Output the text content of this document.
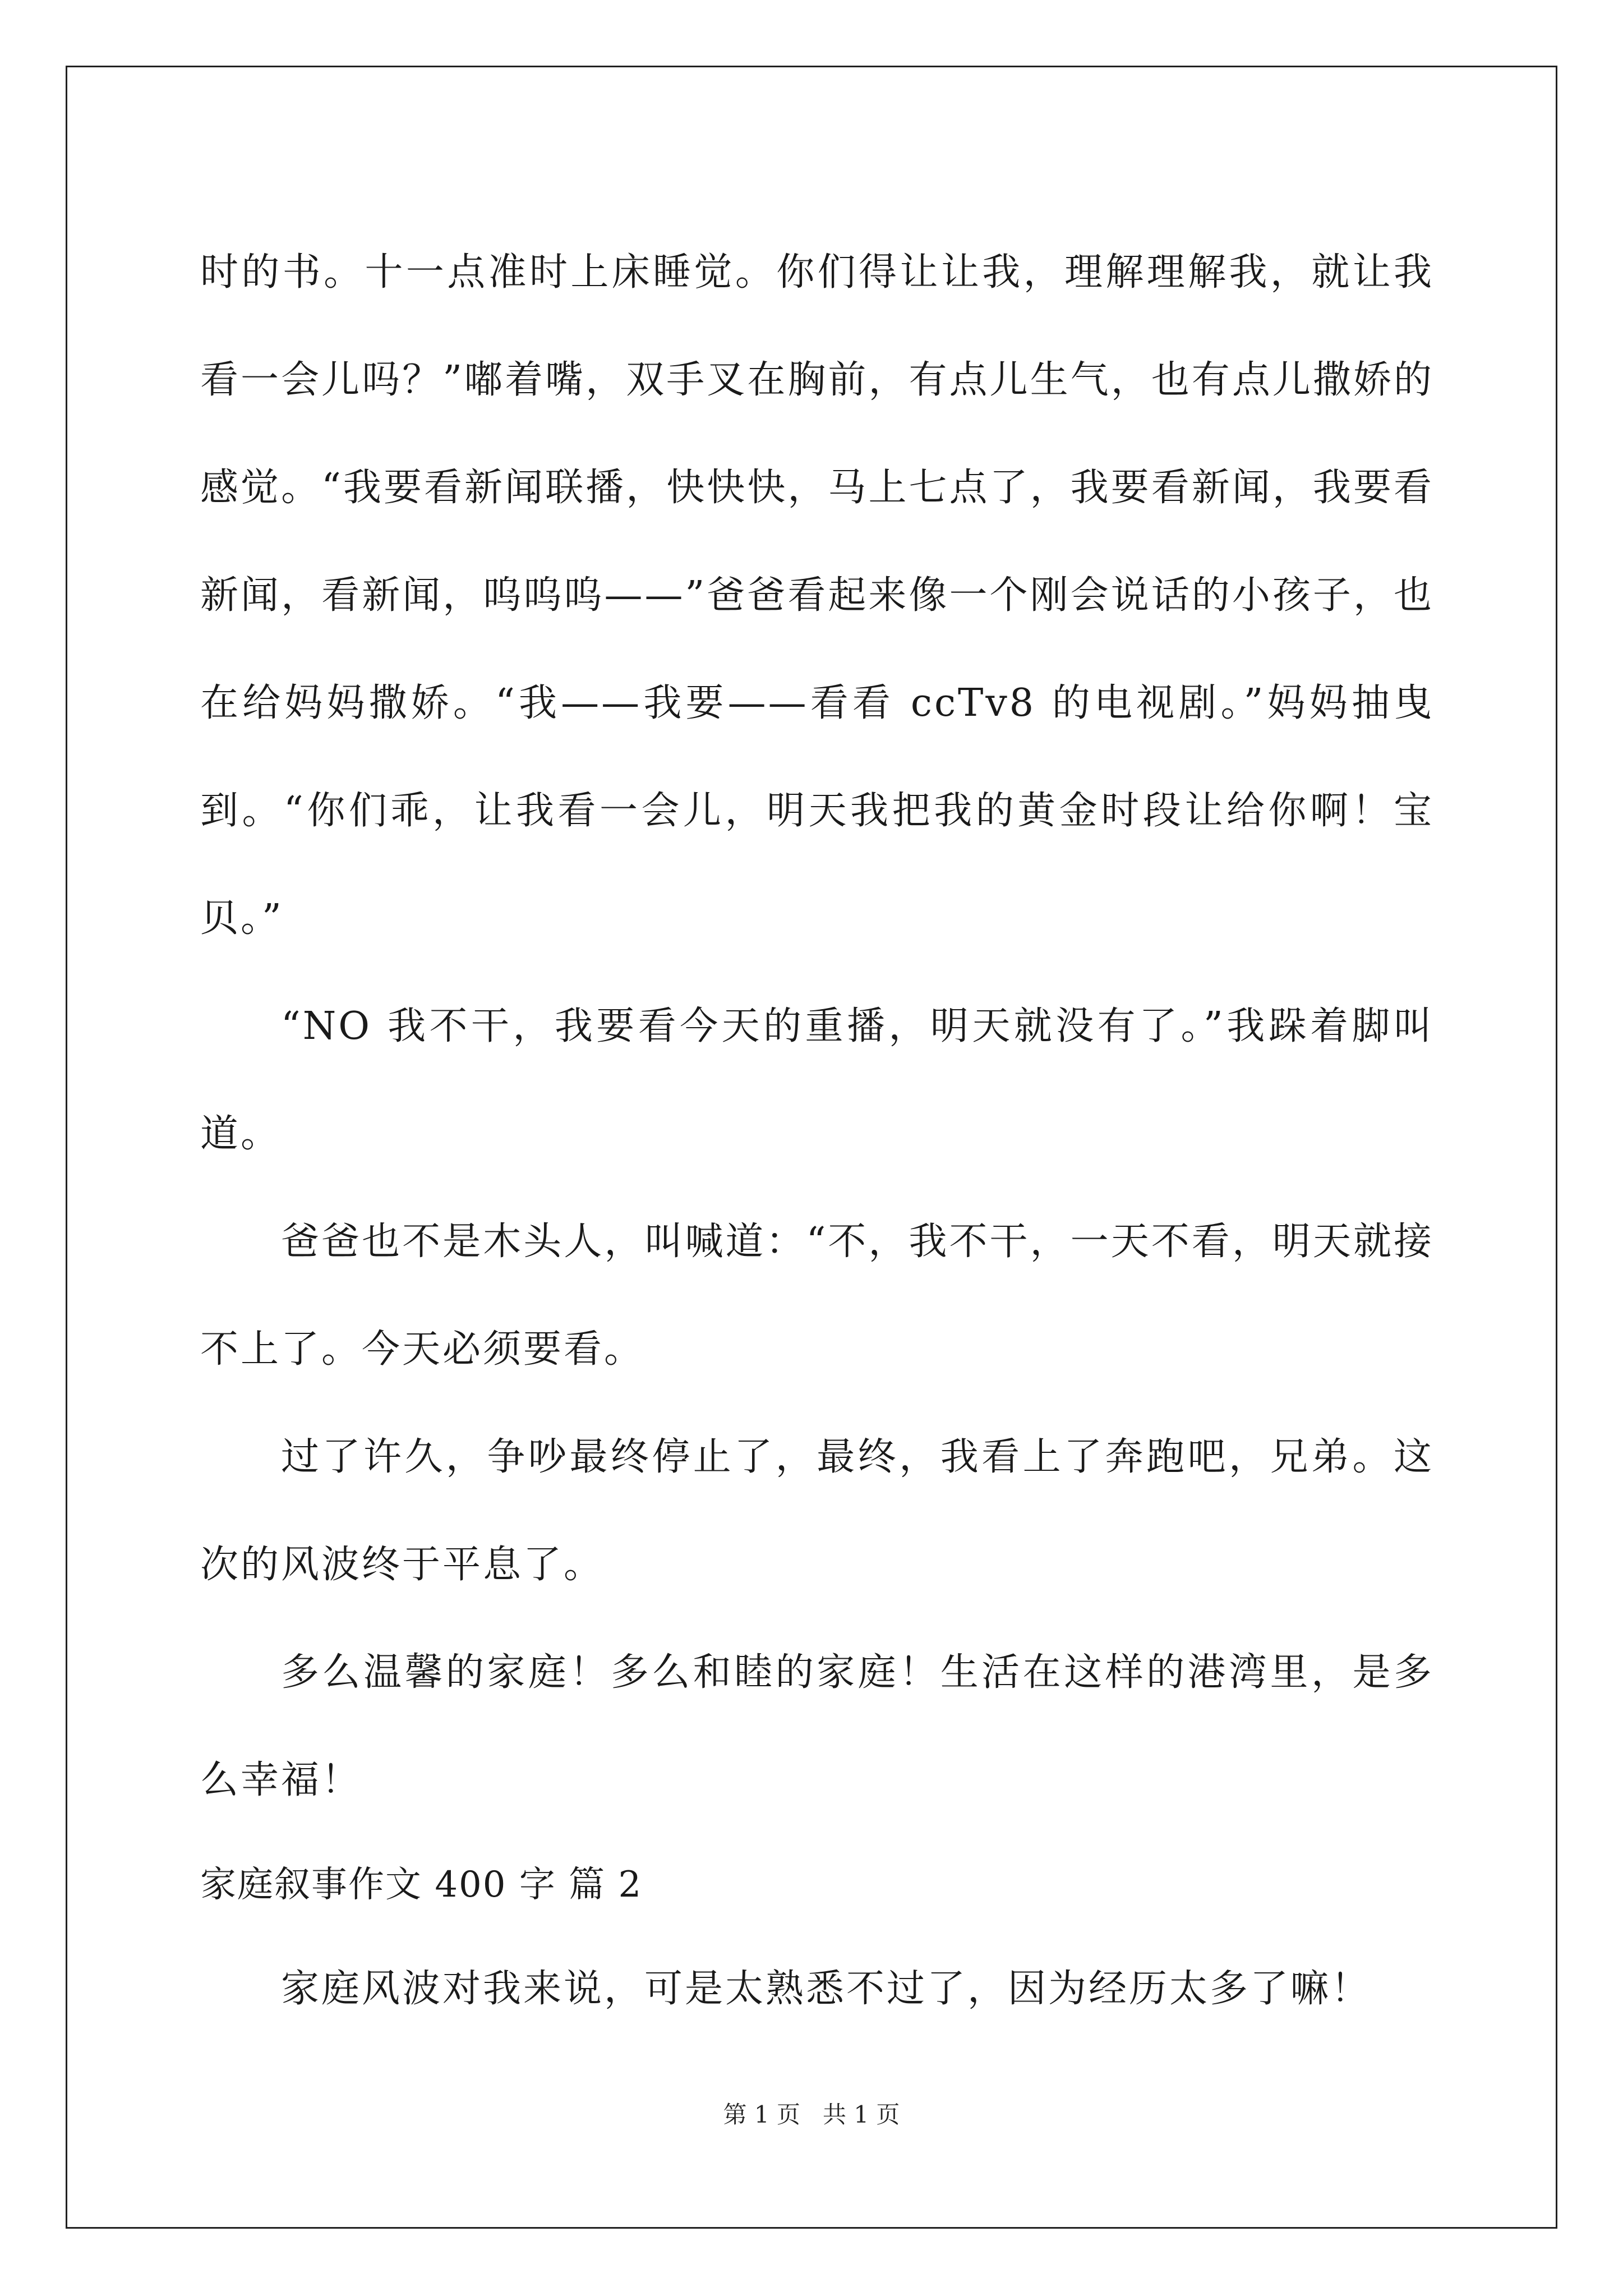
时的书。十一点准时上床睡觉。你们得让让我，理解理解我，就让我看一会儿吗？”嘟着嘴，双手叉在胸前，有点儿生气，也有点儿撒娇的感觉。“我要看新闻联播，快快快，马上七点了，我要看新闻，我要看新闻，看新闻，呜呜呜——”爸爸看起来像一个刚会说话的小孩子，也在给妈妈撒娇。“我——我要——看看 ccTv8 的电视剧。”妈妈抽曳到。“你们乖，让我看一会儿，明天我把我的黄金时段让给你啊！宝贝。”

“NO 我不干，我要看今天的重播，明天就没有了。”我跺着脚叫道。

爸爸也不是木头人，叫喊道：“不，我不干，一天不看，明天就接不上了。今天必须要看。

过了许久，争吵最终停止了，最终，我看上了奔跑吧，兄弟。这次的风波终于平息了。

多么温馨的家庭！多么和睦的家庭！生活在这样的港湾里，是多么幸福！

家庭叙事作文 400 字 篇 2

家庭风波对我来说，可是太熟悉不过了，因为经历太多了嘛！

第 1 页 共 1 页
